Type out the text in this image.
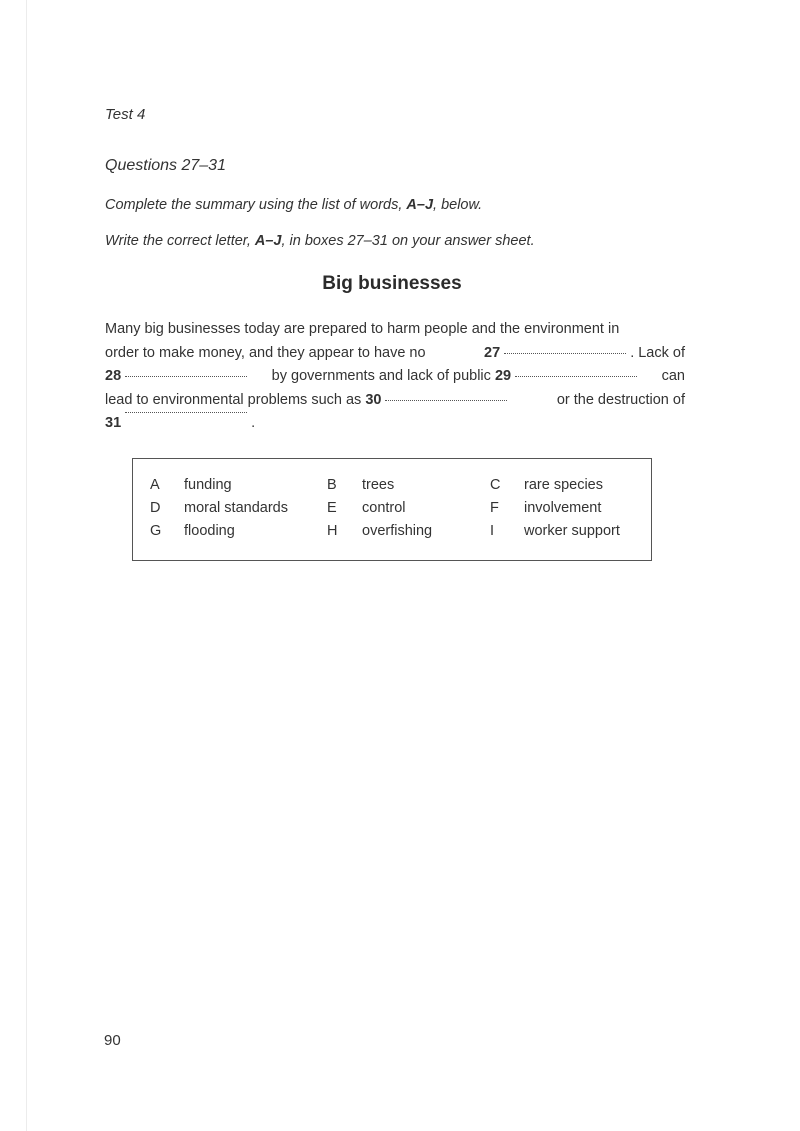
Test 4
Questions 27–31
Complete the summary using the list of words, A–J, below.
Write the correct letter, A–J, in boxes 27–31 on your answer sheet.
Big businesses
Many big businesses today are prepared to harm people and the environment in
order to make money, and they appear to have no	27	. Lack of
28	by governments and lack of public 29	can
lead to environmental problems such as 30	or the destruction of
31	.
A funding	B trees	C rare species
D moral standards	E control	F involvement
G flooding	H overfishing	I worker support
90
